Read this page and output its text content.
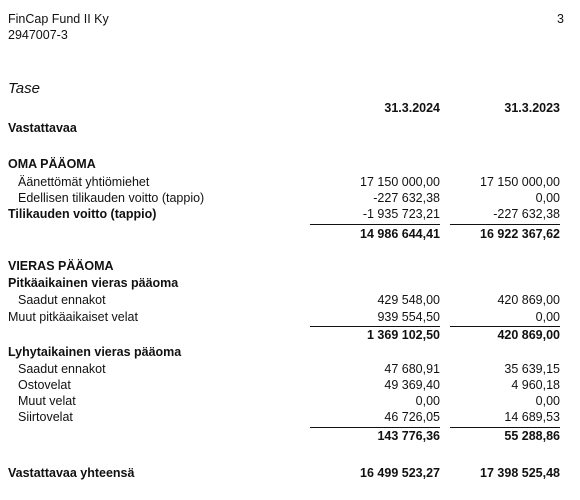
FinCap Fund II Ky
2947007-3
3
Tase
31.3.2024	31.3.2023
Vastattavaa
OMA PÄÄOMA
Äänettömät yhtiömiehet	17 150 000,00	17 150 000,00
Edellisen tilikauden voitto (tappio)	-227 632,38	0,00
Tilikauden voitto (tappio)	-1 935 723,21	-227 632,38
14 986 644,41	16 922 367,62
VIERAS PÄÄOMA
Pitkäaikainen vieras pääoma
Saadut ennakot	429 548,00	420 869,00
Muut pitkäaikaiset velat	939 554,50	0,00
1 369 102,50	420 869,00
Lyhytaikainen vieras pääoma
Saadut ennakot	47 680,91	35 639,15
Ostovelat	49 369,40	4 960,18
Muut velat	0,00	0,00
Siirtovelat	46 726,05	14 689,53
143 776,36	55 288,86
Vastattavaa yhteensä	16 499 523,27	17 398 525,48
